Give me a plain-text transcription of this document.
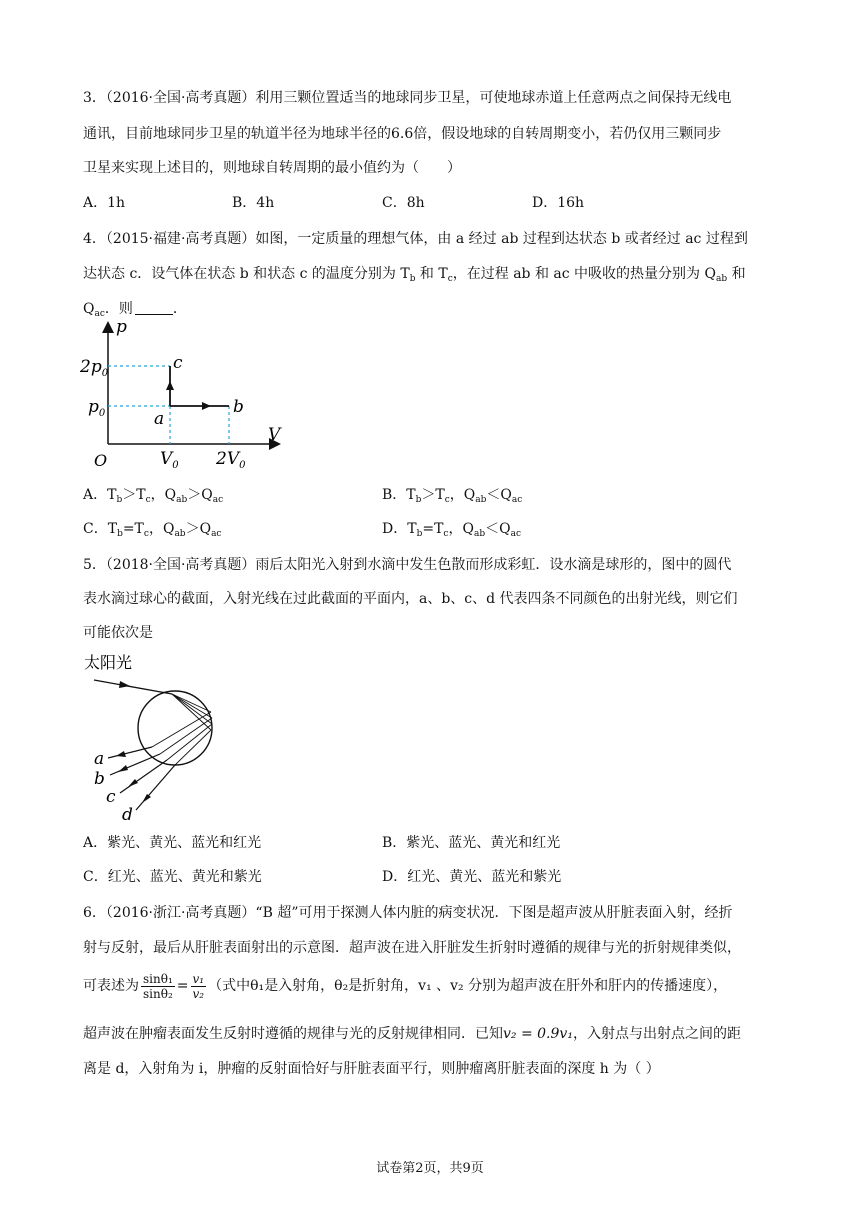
3．（2016·全国·高考真题）利用三颗位置适当的地球同步卫星，可使地球赤道上任意两点之间保持无线电
通讯，目前地球同步卫星的轨道半径为地球半径的6.6倍，假设地球的自转周期变小，若仍仅用三颗同步
卫星来实现上述目的，则地球自转周期的最小值约为（　　）
A．1h	B．4h	C．8h	D．16h
4．（2015·福建·高考真题）如图，一定质量的理想气体，由 a 经过 ab 过程到达状态 b 或者经过 ac 过程到
达状态 c．设气体在状态 b 和状态 c 的温度分别为 $T_b$ 和 $T_c$，在过程 ab 和 ac 中吸收的热量分别为 $Q_{ab}$ 和
$Q_{ac}$．则	．
p
V
O
$2p_0$
$p_0$
$V_0$ $2V_0$
a
b
c
A．$T_b>T_c$，$Q_{ab}>Q_{ac}$	B．$T_b>T_c$，$Q_{ab}<Q_{ac}$
C．$T_b=T_c$，$Q_{ab}>Q_{ac}$	D．$T_b=T_c$，$Q_{ab}<Q_{ac}$
5．（2018·全国·高考真题）雨后太阳光入射到水滴中发生色散而形成彩虹．设水滴是球形的，图中的圆代
表水滴过球心的截面，入射光线在过此截面的平面内，a、b、c、d 代表四条不同颜色的出射光线，则它们
可能依次是
太阳光
a
b
c
d
A．紫光、黄光、蓝光和红光	B．紫光、蓝光、黄光和红光
C．红光、蓝光、黄光和紫光	D．红光、黄光、蓝光和紫光
6．（2016·浙江·高考真题）“B 超”可用于探测人体内脏的病变状况．下图是超声波从肝脏表面入射，经折
射与反射，最后从肝脏表面射出的示意图．超声波在进入肝脏发生折射时遵循的规律与光的折射规律类似，
可表述为 $\frac{\text{sinθ₁}}{\text{sinθ₂}} = \frac{\text{v₁}}{\text{v₂}}$ （式中θ₁是入射角，θ₂是折射角，v₁ 、v₂ 分别为超声波在肝外和肝内的传播速度），
超声波在肿瘤表面发生反射时遵循的规律与光的反射规律相同．已知v₂ = 0.9v₁，入射点与出射点之间的距
离是 d，入射角为 i，肿瘤的反射面恰好与肝脏表面平行，则肿瘤离肝脏表面的深度 h 为（ ）
试卷第2页，共9页
